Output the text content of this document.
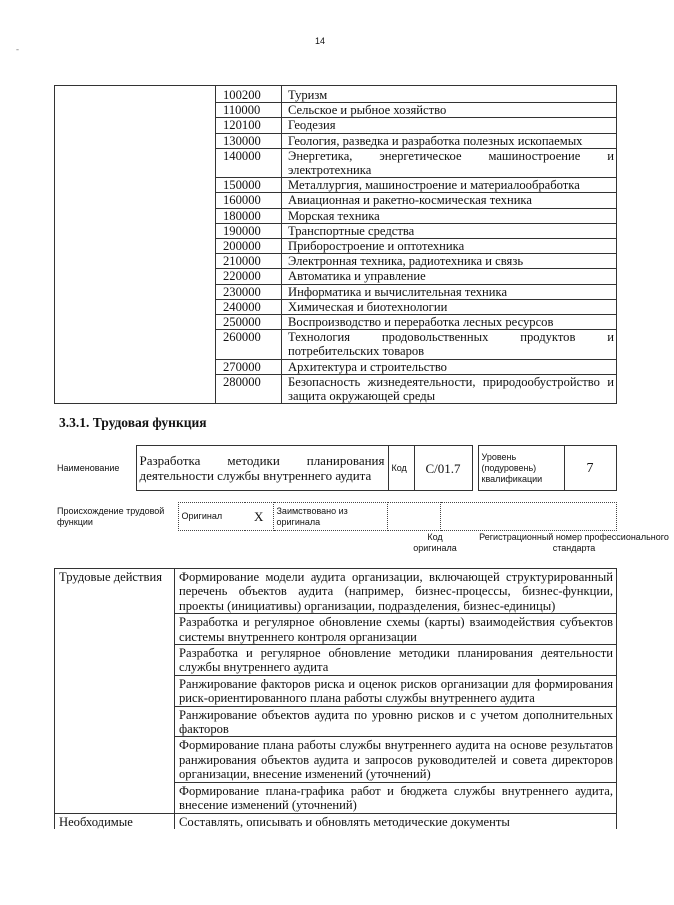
-
14
	100200	Туризм
	110000	Сельское и рыбное хозяйство
	120100	Геодезия
	130000	Геология, разведка и разработка полезных ископаемых
	140000	Энергетика, энергетическое машиностроение и электротехника
	150000	Металлургия, машиностроение и материалообработка
	160000	Авиационная и ракетно-космическая техника
	180000	Морская техника
	190000	Транспортные средства
	200000	Приборостроение и оптотехника
	210000	Электронная техника, радиотехника и связь
	220000	Автоматика и управление
	230000	Информатика и вычислительная техника
	240000	Химическая и биотехнологии
	250000	Воспроизводство и переработка лесных ресурсов
	260000	Технология продовольственных продуктов и потребительских товаров
	270000	Архитектура и строительство
	280000	Безопасность жизнедеятельности, природообустройство и защита окружающей среды
3.3.1. Трудовая функция
Наименование	Разработка методики планирования деятельности службы внутреннего аудита	Код	C/01.7		Уровень (подуровень) квалификации	7
Происхождение трудовой функции	Оригинал	X	Заимствовано из оригинала		
Код оригинала
Регистрационный номер профессионального стандарта
Трудовые действия	Формирование модели аудита организации, включающей структурированный перечень объектов аудита (например, бизнес-процессы, бизнес-функции, проекты (инициативы) организации, подразделения, бизнес-единицы)
	Разработка и регулярное обновление схемы (карты) взаимодействия субъектов системы внутреннего контроля организации
	Разработка и регулярное обновление методики планирования деятельности службы внутреннего аудита
	Ранжирование факторов риска и оценок рисков организации для формирования риск-ориентированного плана работы службы внутреннего аудита
	Ранжирование объектов аудита по уровню рисков и с учетом дополнительных факторов
	Формирование плана работы службы внутреннего аудита на основе результатов ранжирования объектов аудита и запросов руководителей и совета директоров организации, внесение изменений (уточнений)
	Формирование плана-графика работ и бюджета службы внутреннего аудита, внесение изменений (уточнений)
Необходимые	Составлять, описывать и обновлять методические документы
